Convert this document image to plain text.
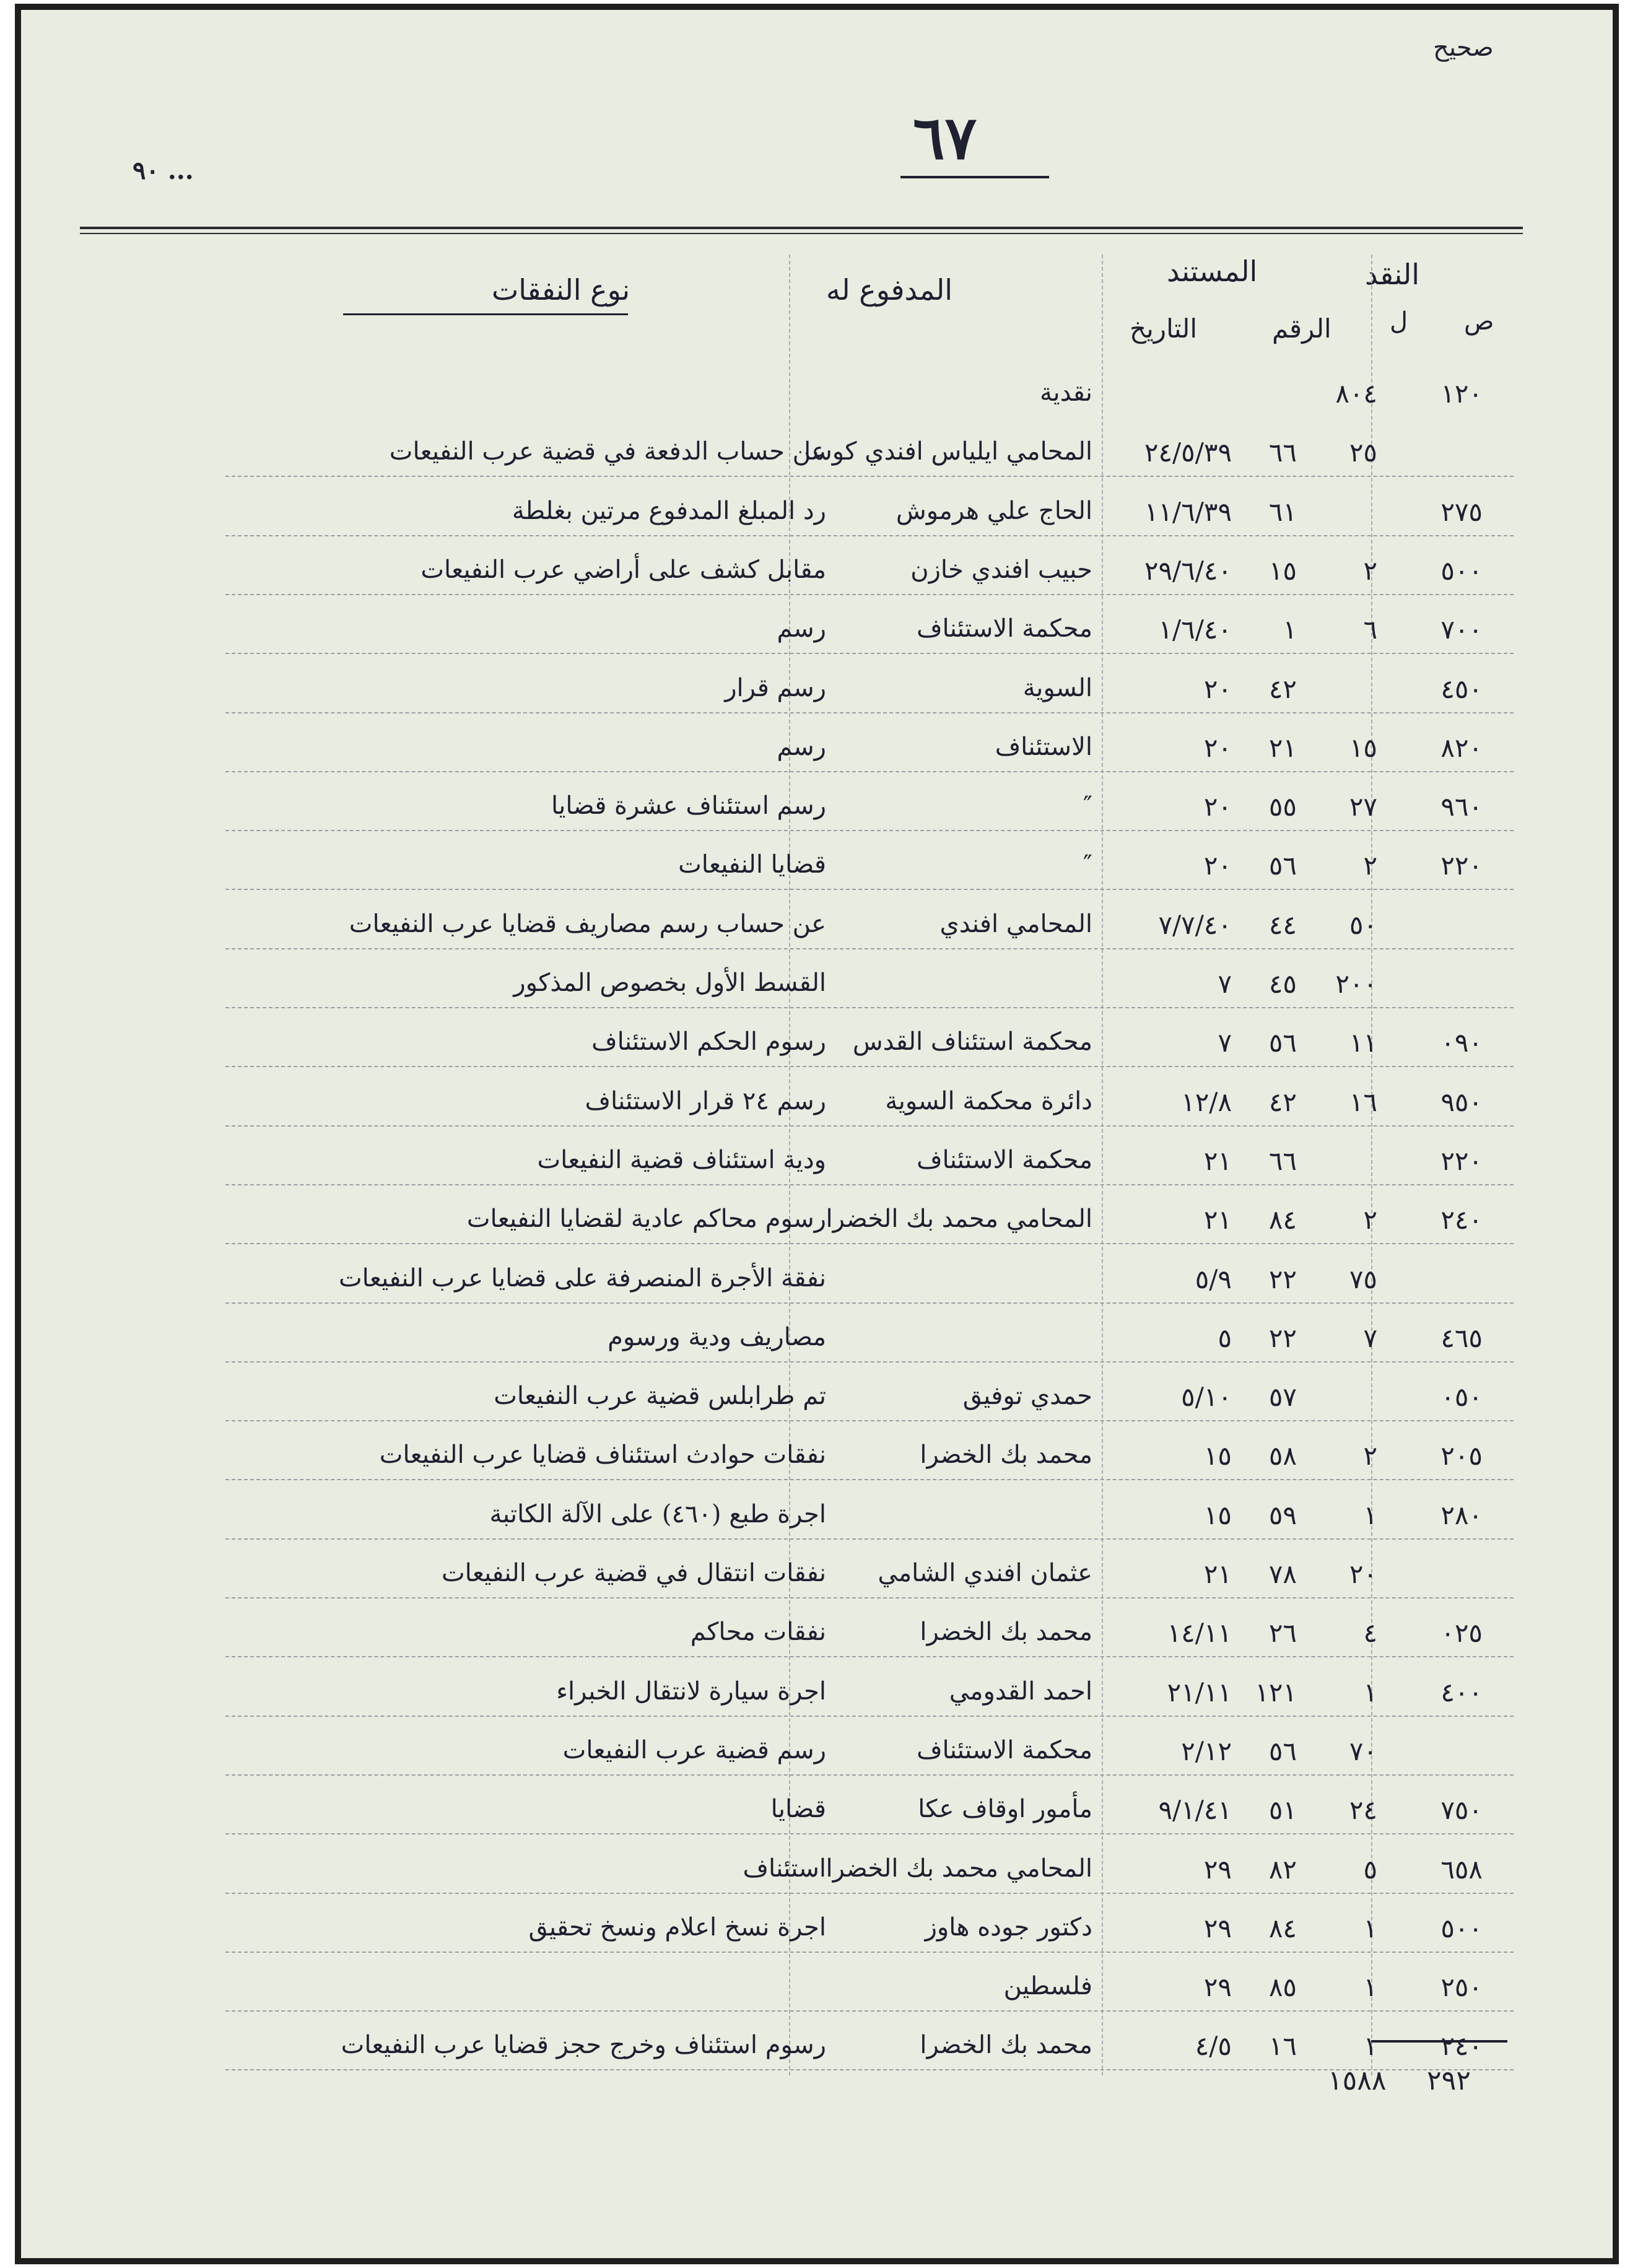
صحيح
٦٧
٩٠ ...
النقد
ص
ل
المستند
الرقم
التاريخ
المدفوع له
نوع النفقات
١٢٠
٨٠٤
نقدية
٢٥
٦٦
٢٤/٥/٣٩
المحامي ايلياس افندي كوسا
عن حساب الدفعة في قضية عرب النفيعات
٢٧٥
٦١
١١/٦/٣٩
الحاج علي هرموش
رد المبلغ المدفوع مرتين بغلطة
٥٠٠
٢
١٥
٢٩/٦/٤٠
حبيب افندي خازن
مقابل كشف على أراضي عرب النفيعات
٧٠٠
٦
١
١/٦/٤٠
محكمة الاستئناف
رسم
٤٥٠
٤٢
٢٠
السوية
رسم قرار
٨٢٠
١٥
٢١
٢٠
الاستئناف
رسم
٩٦٠
٢٧
٥٥
٢٠
″
رسم استئناف عشرة قضايا
٢٢٠
٢
٥٦
٢٠
″
قضايا النفيعات
٥٠
٤٤
٧/٧/٤٠
المحامي افندي
عن حساب رسم مصاريف قضايا عرب النفيعات
٢٠٠
٤٥
٧
القسط الأول بخصوص المذكور
٠٩٠
١١
٥٦
٧
محكمة استئناف القدس
رسوم الحكم الاستئناف
٩٥٠
١٦
٤٢
١٢/٨
دائرة محكمة السوية
رسم ٢٤ قرار الاستئناف
٢٢٠
٦٦
٢١
محكمة الاستئناف
ودية استئناف قضية النفيعات
٢٤٠
٢
٨٤
٢١
المحامي محمد بك الخضرا
رسوم محاكم عادية لقضايا النفيعات
٧٥
٢٢
٥/٩
نفقة الأجرة المنصرفة على قضايا عرب النفيعات
٤٦٥
٧
٢٢
٥
مصاريف ودية ورسوم
٠٥٠
٥٧
٥/١٠
حمدي توفيق
تم طرابلس قضية عرب النفيعات
٢٠٥
٢
٥٨
١٥
محمد بك الخضرا
نفقات حوادث استئناف قضايا عرب النفيعات
٢٨٠
١
٥٩
١٥
اجرة طبع (٤٦٠) على الآلة الكاتبة
٢٠
٧٨
٢١
عثمان افندي الشامي
نفقات انتقال في قضية عرب النفيعات
٠٢٥
٤
٢٦
١٤/١١
محمد بك الخضرا
نفقات محاكم
٤٠٠
١
١٢١
٢١/١١
احمد القدومي
اجرة سيارة لانتقال الخبراء
٧٠
٥٦
٢/١٢
محكمة الاستئناف
رسم قضية عرب النفيعات
٧٥٠
٢٤
٥١
٩/١/٤١
مأمور اوقاف عكا
قضايا
٦٥٨
٥
٨٢
٢٩
المحامي محمد بك الخضرا
استئناف
٥٠٠
١
٨٤
٢٩
دكتور جوده هاوز
اجرة نسخ اعلام ونسخ تحقيق
٢٥٠
١
٨٥
٢٩
فلسطين
٢٤٠
١
١٦
٤/٥
محمد بك الخضرا
رسوم استئناف وخرج حجز قضايا عرب النفيعات
١٥٨٨ ٢٩٢
